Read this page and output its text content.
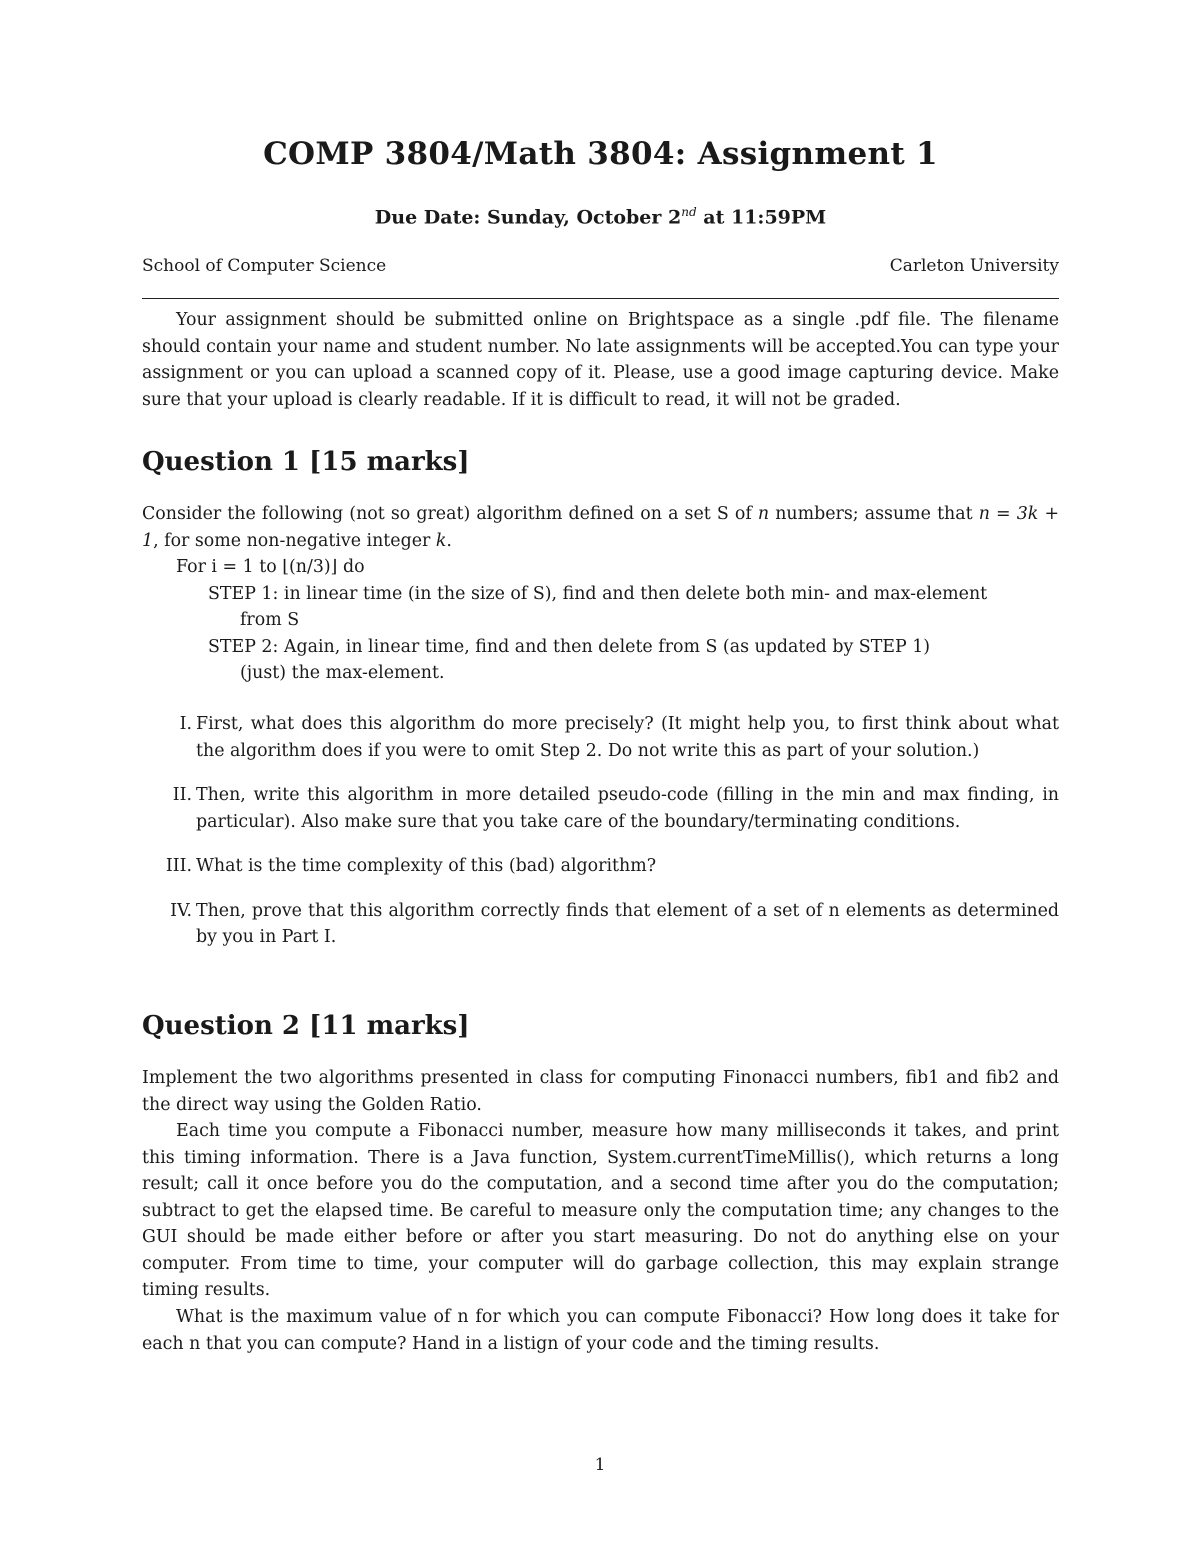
COMP 3804/Math 3804: Assignment 1
Due Date: Sunday, October 2nd at 11:59PM
School of Computer Science	Carleton University
Your assignment should be submitted online on Brightspace as a single .pdf file. The filename should contain your name and student number. No late assignments will be accepted.You can type your assignment or you can upload a scanned copy of it. Please, use a good image capturing device. Make sure that your upload is clearly readable. If it is difficult to read, it will not be graded.
Question 1 [15 marks]
Consider the following (not so great) algorithm defined on a set S of n numbers; assume that n = 3k + 1, for some non-negative integer k.
For i = 1 to ⌊(n/3)⌋ do
STEP 1: in linear time (in the size of S), find and then delete both min- and max-element
from S
STEP 2: Again, in linear time, find and then delete from S (as updated by STEP 1)
(just) the max-element.
I. First, what does this algorithm do more precisely? (It might help you, to first think about what the algorithm does if you were to omit Step 2. Do not write this as part of your solution.)
II. Then, write this algorithm in more detailed pseudo-code (filling in the min and max finding, in particular). Also make sure that you take care of the boundary/terminating conditions.
III. What is the time complexity of this (bad) algorithm?
IV. Then, prove that this algorithm correctly finds that element of a set of n elements as determined by you in Part I.
Question 2 [11 marks]
Implement the two algorithms presented in class for computing Finonacci numbers, fib1 and fib2 and the direct way using the Golden Ratio.
Each time you compute a Fibonacci number, measure how many milliseconds it takes, and print this timing information. There is a Java function, System.currentTimeMillis(), which returns a long result; call it once before you do the computation, and a second time after you do the computation; subtract to get the elapsed time. Be careful to measure only the computation time; any changes to the GUI should be made either before or after you start measuring. Do not do anything else on your computer. From time to time, your computer will do garbage collection, this may explain strange timing results.
What is the maximum value of n for which you can compute Fibonacci? How long does it take for each n that you can compute? Hand in a listign of your code and the timing results.
1
